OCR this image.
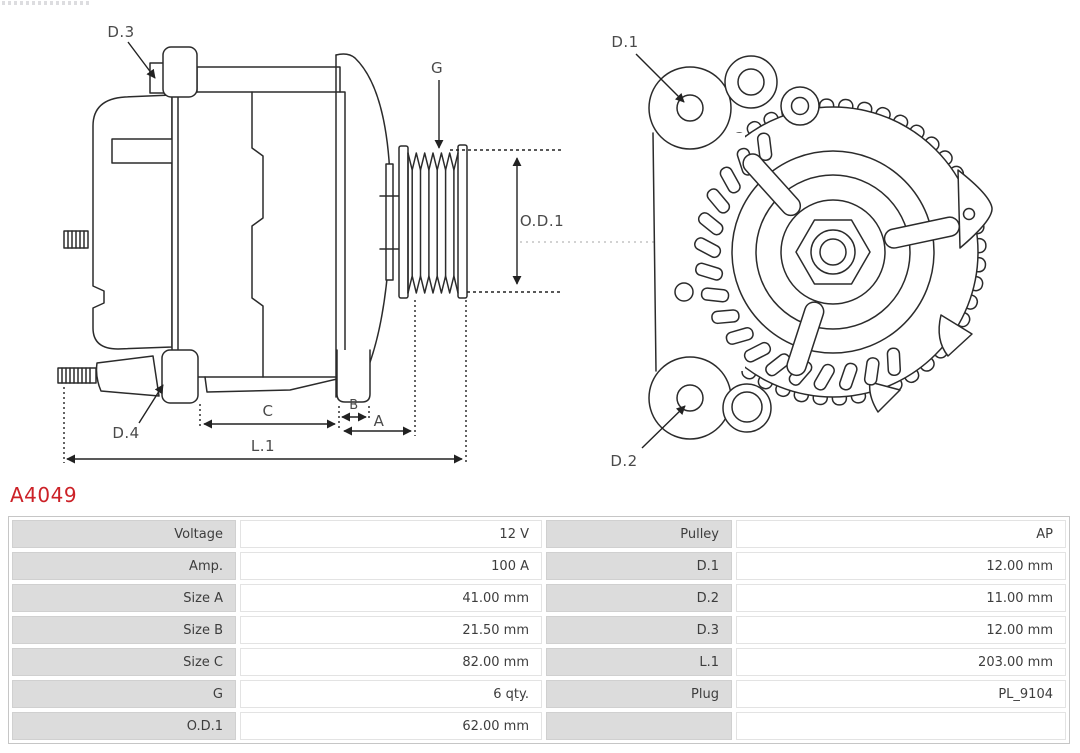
D.3
G
O.D.1
D.4
C	B
A
L.1
D.1
D.2
A4049
Voltage	12 V	Pulley	AP
Amp.	100 A	D.1	12.00 mm
Size A	41.00 mm	D.2	11.00 mm
Size B	21.50 mm	D.3	12.00 mm
Size C	82.00 mm	L.1	203.00 mm
G	6 qty.	Plug	PL_9104
O.D.1	62.00 mm
